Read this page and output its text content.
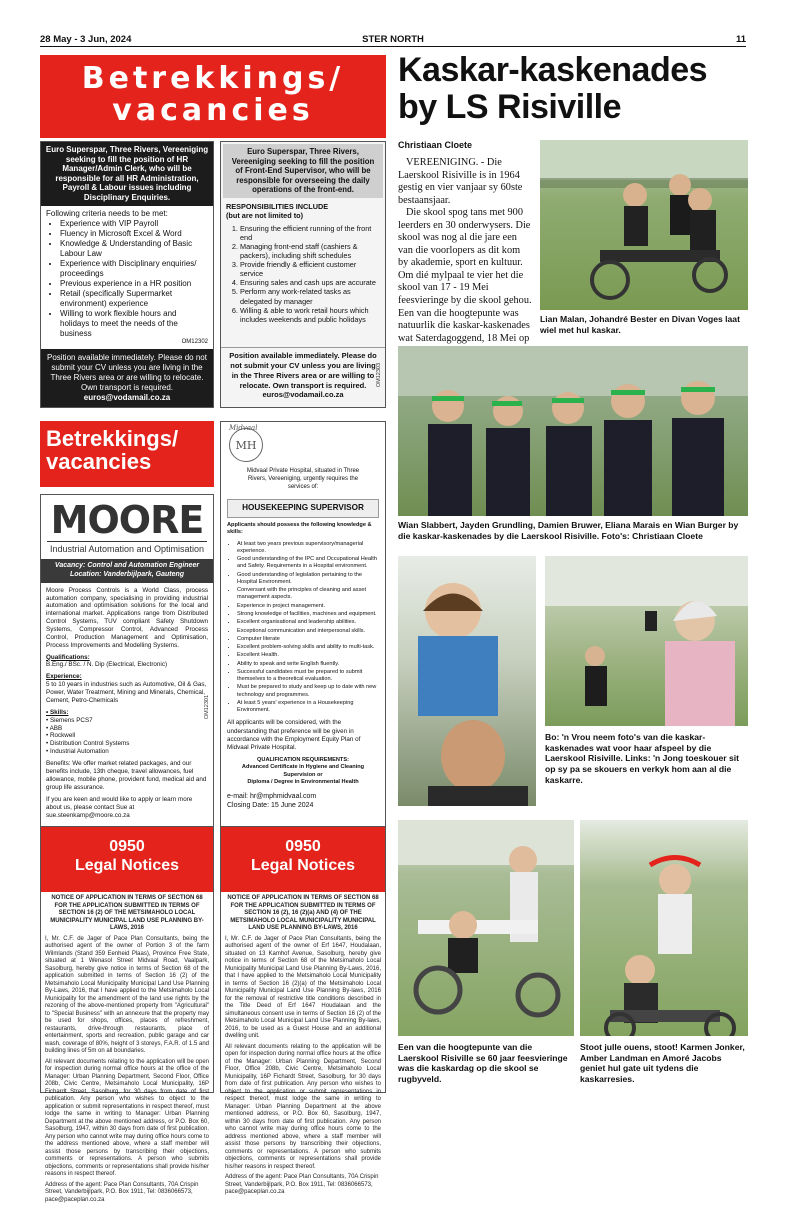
28 May - 3 Jun, 2024	STER NORTH	11
Betrekkings/
vacancies
Euro Superspar, Three Rivers, Vereeniging seeking to fill the position of HR Manager/Admin Clerk, who will be responsible for all HR Administration, Payroll & Labour issues including Disciplinary Enquiries.
Following criteria needs to be met:
• Experience with VIP Payroll
• Fluency in Microsoft Excel & Word
• Knowledge & Understanding of Basic Labour Law
• Experience with Disciplinary enquiries/ proceedings
• Previous experience in a HR position
• Retail (specifically Supermarket environment) experience
• Willing to work flexible hours and holidays to meet the needs of the business
OM12302
Position available immediately. Please do not submit your CV unless you are living in the Three Rivers area or are willing to relocate. Own transport is required.
euros@vodamail.co.za
Euro Superspar, Three Rivers, Vereeniging seeking to fill the position of Front-End Supervisor, who will be responsible for overseeing the daily operations of the front-end.
RESPONSIBILITIES INCLUDE
(but are not limited to)
1. Ensuring the efficient running of the front end
2. Managing front-end staff (cashiers & packers), including shift schedules
3. Provide friendly & efficient customer service
4. Ensuring sales and cash ups are accurate
5. Perform any work-related tasks as delegated by manager
6. Willing & able to work retail hours which includes weekends and public holidays
Position available immediately. Please do not submit your CV unless you are living in the Three Rivers area or are willing to relocate. Own transport is required.
euros@vodamail.co.za
OM12303
Betrekkings/
vacancies
MOORE
Industrial Automation and Optimisation
Vacancy: Control and Automation Engineer
Location: Vanderbijlpark, Gauteng

Moore Process Controls is a World Class, process automation company, specialising in providing industrial automation and optimisation solutions for the local and international market. Applications range from Distributed Control Systems, TUV compliant Safety Shutdown Systems, Compressor Control, Advanced Process Control, Production Management and Optimisation, Process Improvements and Modelling Systems.

Qualifications:

B.Eng./ BSc. / N. Dip (Electrical, Electronic)

Experience:

5 to 10 years in industries such as Automotive, Oil & Gas, Power, Water Treatment, Mining and Minerals, Chemical, Cement, Petro-Chemicals

• Skills:

• Siemens PCS7
• ABB
• Rockwell
• Distribution Control Systems
• Industrial Automation

Benefits: We offer market related packages, and our benefits include, 13th cheque, travel allowances, fuel allowance, mobile phone, provident fund, medical aid and group life assurance.

If you are keen and would like to apply or learn more about us, please contact Sue at sue.steenkamp@moore.co.za

OM12301
MH
Midvaal
Midvaal Private Hospital, situated in Three Rivers, Vereeniging, urgently requires the services of:
HOUSEKEEPING SUPERVISOR
Applicants should possess the following knowledge & skills:
• At least two years previous supervisory/managerial experience.
• Good understanding of the IPC and Occupational Health and Safety. Requirements in a Hospital environment.
• Good understanding of legislation pertaining to the Hospital Environment.
• Conversant with the principles of cleaning and asset management aspects.
• Experience in project management.
• Strong knowledge of facilities, machines and equipment.
• Excellent organisational and leadership abilities.
• Exceptional communication and interpersonal skills.
• Computer literate
• Excellent problem-solving skills and ability to multi-task.
• Excellent Health.
• Ability to speak and write English fluently.
• Successful candidates must be prepared to submit themselves to a theoretical evaluation.
• Must be prepared to study and keep up to date with new technology and programmes.
• At least 5 years' experience in a Housekeeping Environment.

All applicants will be considered, with the understanding that preference will be given in accordance with the Employment Equity Plan of Midvaal Private Hospital.

QUALIFICATION REQUIREMENTS:
Advanced Certificate in Hygiene and Cleaning Supervision or
Diploma / Degree in Environmental Health
e-mail: hr@mphmidvaal.com
Closing Date: 15 June 2024
0950
Legal Notices
NOTICE OF APPLICATION IN TERMS OF SECTION 68 FOR THE APPLICATION SUBMITTED IN TERMS OF SECTION 16 (2) OF THE METSIMAHOLO LOCAL MUNICIPALITY MUNICIPAL LAND USE PLANNING BY-LAWS, 2016

I, Mr. C.F. de Jager of Pace Plan Consultants, being the authorised agent of the owner of Portion 3 of the farm Wilmlands (Stand 359 Eenheid Plaas), Province Free State, situated at 1 Wenasol Street Midvaal Road, Vaalpark, Sasolburg, hereby give notice in terms of Section 68 of the application submitted in terms of Section 16 (2) of the Metsimaholo Local Municipality Municipal Land Use Planning By-Laws, 2016, that I have applied to the Metsimaholo Local Municipality for the amendment of the land use rights by the rezoning of the above-mentioned property from "Agricultural" to "Special Business" with an annexure that the property may be used for shops, offices, places of refreshment, restaurants, drive-through restaurants, place of entertainment, sports and recreation, public garage and car wash, coverage of 80%, height of 3 storeys, F.A.R. of 1.5 and building lines of 5m on all boundaries.

All relevant documents relating to the application will be open for inspection during normal office hours at the office of the Manager: Urban Planning Department, Second Floor, Office 208b, Civic Centre, Metsimaholo Local Municipality, 16P Fichardt Street, Sasolburg, for 30 days from date of first publication. Any person who wishes to object to the application or submit representations in respect thereof, must lodge the same in writing to Manager: Urban Planning Department at the above mentioned address, or P.O. Box 60, Sasolburg, 1947, within 30 days from date of first publication. Any person who cannot write may during office hours come to the address mentioned above, where a staff member will assist those persons by transcribing their objections, comments or representations. A person who submits objections, comments or representations shall provide his/her reasons in respect thereof.

Address of the agent: Pace Plan Consultants, 70A Crispin Street, Vanderbijlpark, P.O. Box 1911, Tel: 0836066573, pace@paceplan.co.za

0950
Legal Notices
NOTICE OF APPLICATION IN TERMS OF SECTION 68 FOR THE APPLICATION SUBMITTED IN TERMS OF SECTION 16 (2), 16 (2)(a) AND (4) OF THE METSIMAHOLO LOCAL MUNICIPALITY MUNICIPAL LAND USE PLANNING BY-LAWS, 2016

I, Mr. C.F. de Jager of Pace Plan Consultants, being the authorised agent of the owner of Erf 1647, Houdalaan, situated on 13 Kamhof Avenue, Sasolburg, hereby give notice in terms of Section 68 of the Metsimaholo Local Municipality Municipal Land Use Planning By-Laws, 2016, that I have applied to the Metsimaholo Local Municipality in terms of Section 16 (2)(a) of the Metsimaholo Local Municipality Municipal Land Use Planning By-laws, 2016 for the removal of restrictive title conditions described in the Title Deed of Erf 1647 Houdalaan and the simultaneous consent use in terms of Section 16 (2) of the Metsimaholo Local Municipal Land Use Planning By-laws, 2016, to be used as a Guest House and an additional dwelling unit.

All relevant documents relating to the application will be open for inspection during normal office hours at the office of the Manager: Urban Planning Department, Second Floor, Office 208b, Civic Centre, Metsimaholo Local Municipality, 16P Fichardt Street, Sasolburg, for 30 days from date of first publication. Any person who wishes to object to the application or submit representations in respect thereof, must lodge the same in writing to Manager: Urban Planning Department at the above mentioned address, or P.O. Box 60, Sasolburg, 1947, within 30 days from date of first publication. Any person who cannot write may during office hours come to the address mentioned above, where a staff member will assist those persons by transcribing their objections, comments or representations. A person who submits objections, comments or representations shall provide his/her reasons in respect thereof.

Address of the agent: Pace Plan Consultants, 70A Crispin Street, Vanderbijlpark, P.O. Box 1911, Tel: 0836066573, pace@paceplan.co.za

Kaskar-kaskenades by LS Risiville
Christiaan Cloete

VEREENIGING. - Die Laerskool Risiville is in 1964 gestig en vier vanjaar sy 60ste bestaansjaar.

Die skool spog tans met 900 leerders en 30 onderwysers. Die skool was nog al die jare een van die voorlopers as dit kom by akademie, sport en kultuur. Om dié mylpaal te vier het die skool van 17 - 19 Mei feesvieringe by die skool gehou. Een van die hoogtepunte was natuurlik die kaskar-kaskenades wat Saterdagoggend, 18 Mei op

Lian Malan, Johandré Bester en Divan Voges laat wiel met hul kaskar.
Wian Slabbert, Jayden Grundling, Damien Bruwer, Eliana Marais en Wian Burger by die kaskar-kaskenades by die Laerskool Risiville. Foto's: Christiaan Cloete
Bo: 'n Vrou neem foto's van die kaskar-kaskenades wat voor haar afspeel by die Laerskool Risiville. Links: 'n Jong toeskouer sit op sy pa se skouers en verkyk hom aan al die kaskarre.
Een van die hoogtepunte van die Laerskool Risiville se 60 jaar feesvieringe was die kaskardag op die skool se rugbyveld.
Stoot julle ouens, stoot! Karmen Jonker, Amber Landman en Amoré Jacobs geniet hul gate uit tydens die kaskarresies.
